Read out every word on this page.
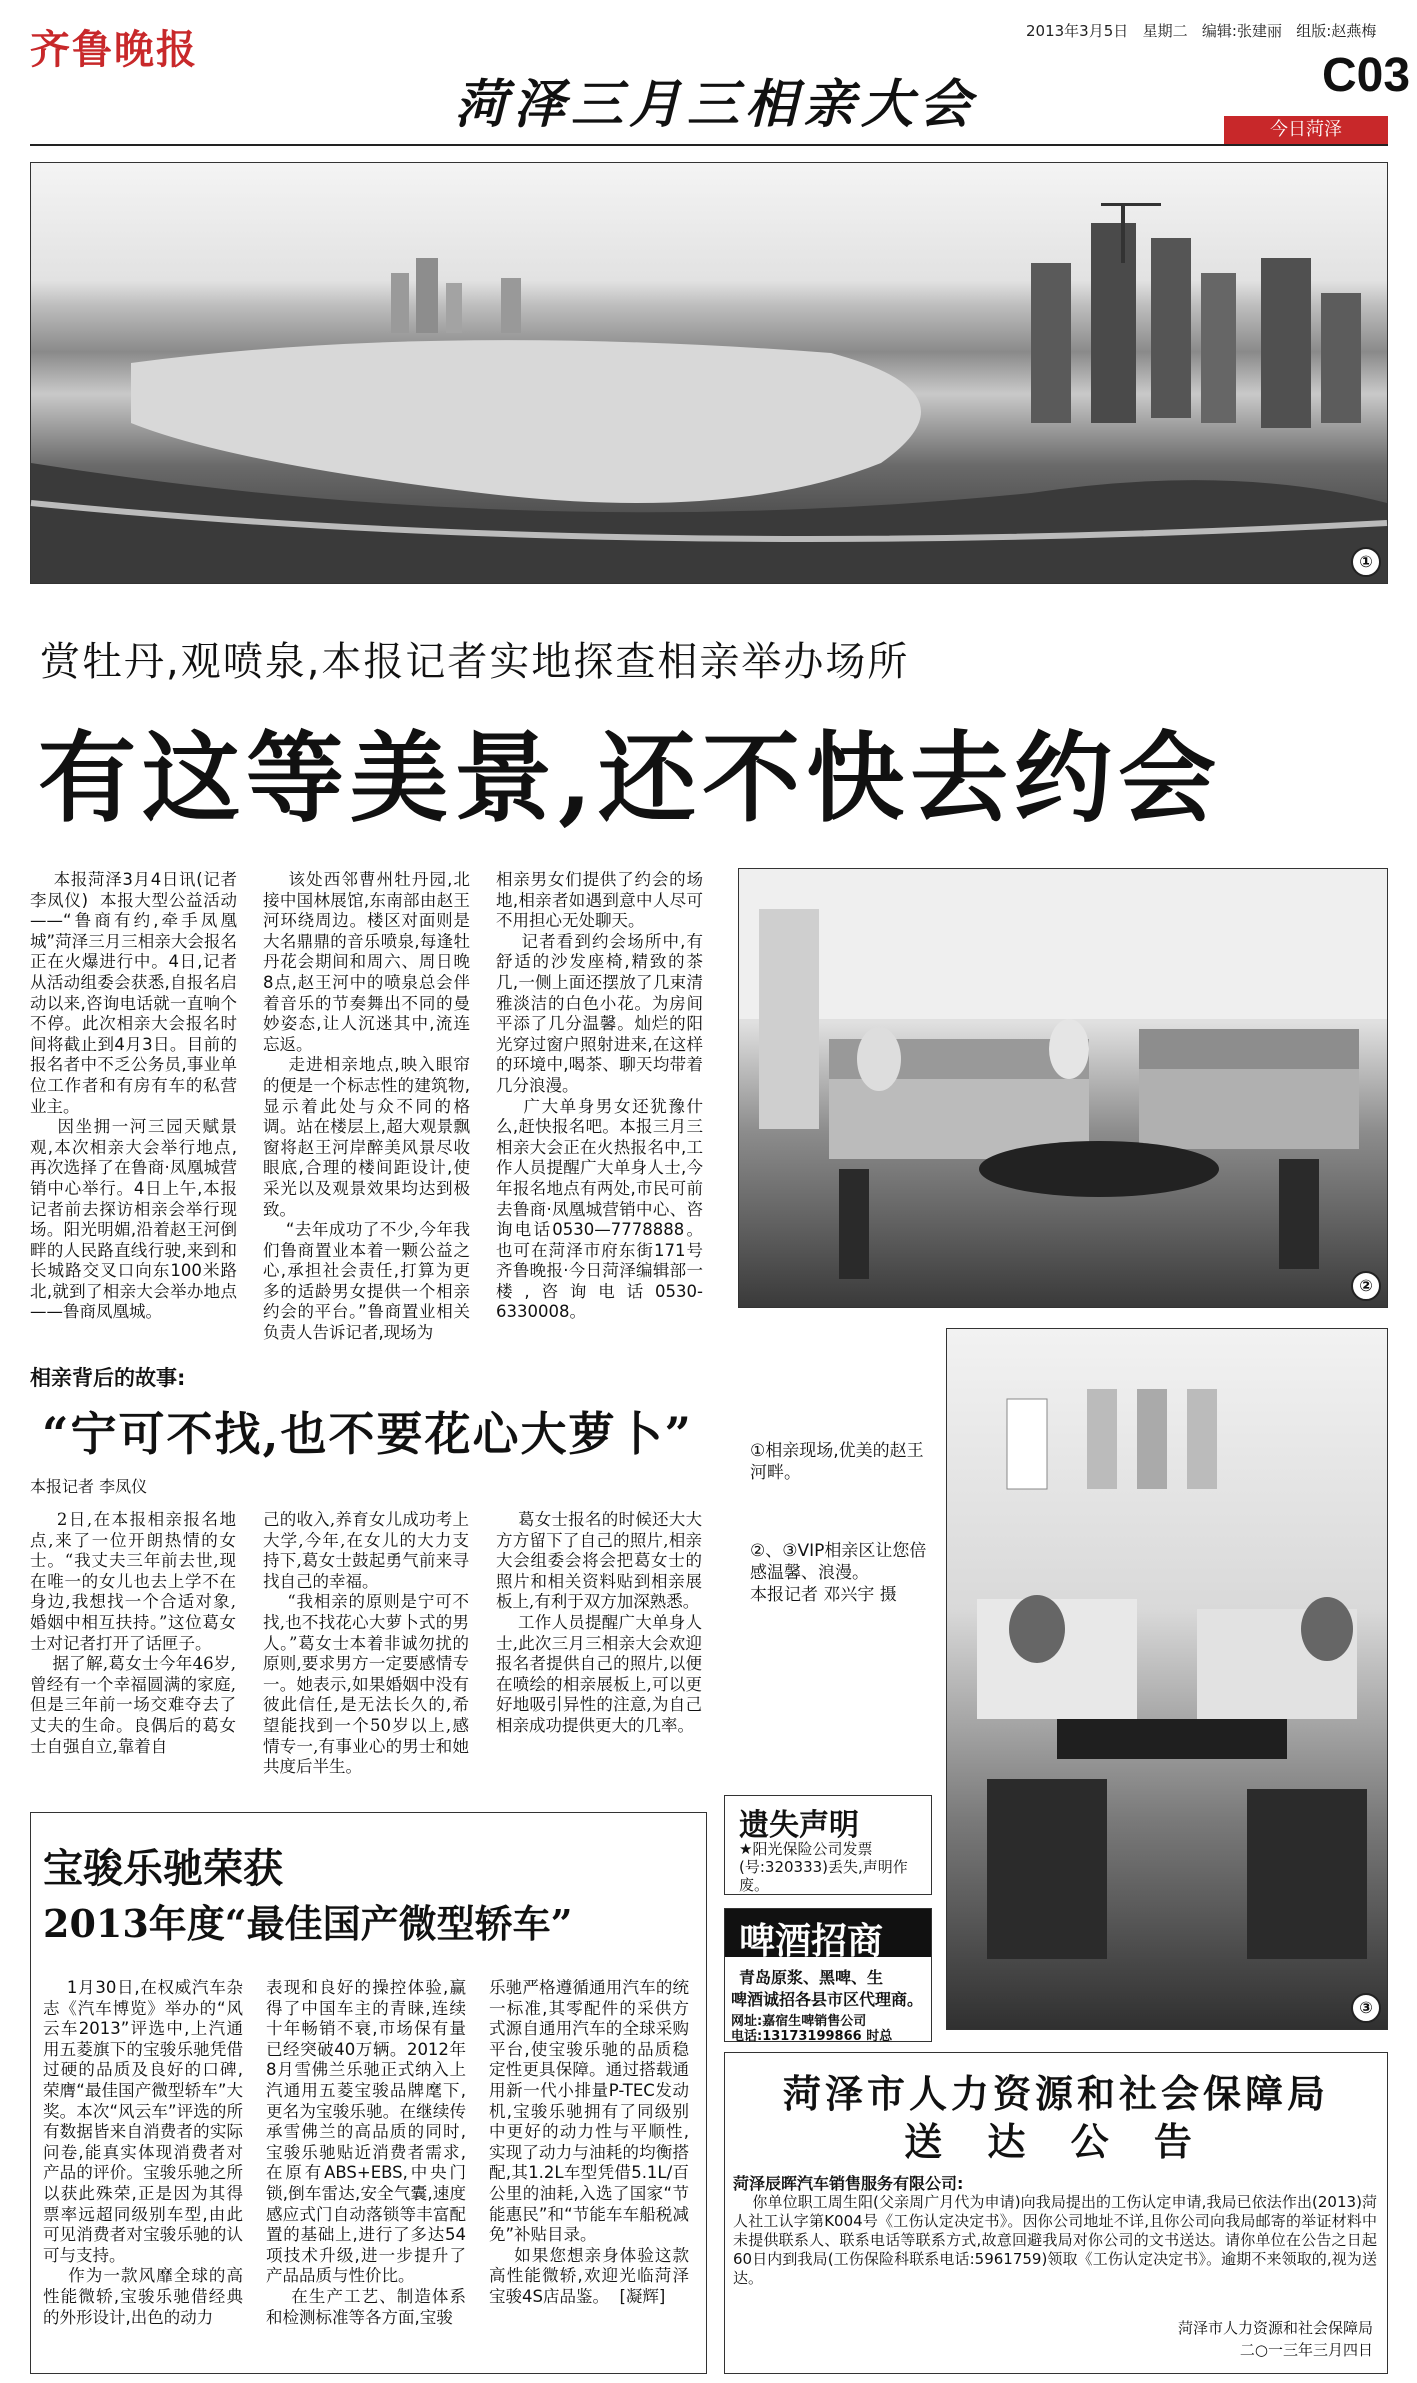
齐鲁晚报	2013年3月5日 星期二 编辑:张建丽 组版:赵燕梅
C03
菏泽三月三相亲大会	今日菏泽
①
赏牡丹,观喷泉,本报记者实地探查相亲举办场所
有这等美景,还不快去约会
本报菏泽3月4日讯(记者 李凤仪)  本报大型公益活动——“鲁商有约,牵手凤凰城”菏泽三月三相亲大会报名正在火爆进行中。4日,记者从活动组委会获悉,自报名启动以来,咨询电话就一直响个不停。此次相亲大会报名时间将截止到4月3日。目前的报名者中不乏公务员,事业单位工作者和有房有车的私营业主。
因坐拥一河三园天赋景观,本次相亲大会举行地点,再次选择了在鲁商·凤凰城营销中心举行。4日上午,本报记者前去探访相亲会举行现场。阳光明媚,沿着赵王河倒畔的人民路直线行驶,来到和长城路交叉口向东100米路北,就到了相亲大会举办地点——鲁商凤凰城。
该处西邻曹州牡丹园,北接中国林展馆,东南部由赵王河环绕周边。楼区对面则是大名鼎鼎的音乐喷泉,每逢牡丹花会期间和周六、周日晚8点,赵王河中的喷泉总会伴着音乐的节奏舞出不同的曼妙姿态,让人沉迷其中,流连忘返。
走进相亲地点,映入眼帘的便是一个标志性的建筑物,显示着此处与众不同的格调。站在楼层上,超大观景飘窗将赵王河岸醉美风景尽收眼底,合理的楼间距设计,使采光以及观景效果均达到极致。
“去年成功了不少,今年我们鲁商置业本着一颗公益之心,承担社会责任,打算为更多的适龄男女提供一个相亲约会的平台。”鲁商置业相关负责人告诉记者,现场为
相亲男女们提供了约会的场地,相亲者如遇到意中人尽可不用担心无处聊天。
记者看到约会场所中,有舒适的沙发座椅,精致的茶几,一侧上面还摆放了几束清雅淡洁的白色小花。为房间平添了几分温馨。灿烂的阳光穿过窗户照射进来,在这样的环境中,喝茶、聊天均带着几分浪漫。
广大单身男女还犹豫什么,赶快报名吧。本报三月三相亲大会正在火热报名中,工作人员提醒广大单身人士,今年报名地点有两处,市民可前去鲁商·凤凰城营销中心、咨询电话0530—7778888。也可在菏泽市府东街171号齐鲁晚报·今日菏泽编辑部一楼,咨询电话0530-6330008。
②
相亲背后的故事:
“宁可不找,也不要花心大萝卜”
本报记者 李凤仪
2日,在本报相亲报名地点,来了一位开朗热情的女士。“我丈夫三年前去世,现在唯一的女儿也去上学不在身边,我想找一个合适对象,婚姻中相互扶持。”这位葛女士对记者打开了话匣子。
据了解,葛女士今年46岁,曾经有一个幸福圆满的家庭,但是三年前一场交难夺去了丈夫的生命。良偶后的葛女士自强自立,靠着自
己的收入,养育女儿成功考上大学,今年,在女儿的大力支持下,葛女士鼓起勇气前来寻找自己的幸福。
“我相亲的原则是宁可不找,也不找花心大萝卜式的男人。”葛女士本着非诚勿扰的原则,要求男方一定要感情专一。她表示,如果婚姻中没有彼此信任,是无法长久的,希望能找到一个50岁以上,感情专一,有事业心的男士和她共度后半生。
葛女士报名的时候还大大方方留下了自己的照片,相亲大会组委会将会把葛女士的照片和相关资料贴到相亲展板上,有利于双方加深熟悉。
工作人员提醒广大单身人士,此次三月三相亲大会欢迎报名者提供自己的照片,以便在喷绘的相亲展板上,可以更好地吸引异性的注意,为自己相亲成功提供更大的几率。
①相亲现场,优美的赵王河畔。
②、③VIP相亲区让您倍感温馨、浪漫。
本报记者 邓兴宇 摄
③
遗失声明
★阳光保险公司发票(号:320333)丢失,声明作废。
啤酒招商
青岛原浆、黑啤、生
啤酒诚招各县市区代理商。
网址:嘉宿生啤销售公司
电话:13173199866 时总
宝骏乐驰荣获
2013年度“最佳国产微型轿车”
1月30日,在权威汽车杂志《汽车博览》举办的“风云车2013”评选中,上汽通用五菱旗下的宝骏乐驰凭借过硬的品质及良好的口碑,荣膺“最佳国产微型轿车”大奖。本次“风云车”评选的所有数据皆来自消费者的实际问卷,能真实体现消费者对产品的评价。宝骏乐驰之所以获此殊荣,正是因为其得票率远超同级别车型,由此可见消费者对宝骏乐驰的认可与支持。
作为一款风靡全球的高性能微轿,宝骏乐驰借经典的外形设计,出色的动力
表现和良好的操控体验,赢得了中国车主的青睐,连续十年畅销不衰,市场保有量已经突破40万辆。2012年8月雪佛兰乐驰正式纳入上汽通用五菱宝骏品牌麾下,更名为宝骏乐驰。在继续传承雪佛兰的高品质的同时,宝骏乐驰贴近消费者需求,在原有ABS+EBS,中央门锁,倒车雷达,安全气囊,速度感应式门自动落锁等丰富配置的基础上,进行了多达54项技术升级,进一步提升了产品品质与性价比。
在生产工艺、制造体系和检测标准等各方面,宝骏
乐驰严格遵循通用汽车的统一标准,其零配件的采供方式源自通用汽车的全球采购平台,使宝骏乐驰的品质稳定性更具保障。通过搭载通用新一代小排量P-TEC发动机,宝骏乐驰拥有了同级别中更好的动力性与平顺性,实现了动力与油耗的均衡搭配,其1.2L车型凭借5.1L/百公里的油耗,入选了国家“节能惠民”和“节能车车船税减免”补贴目录。
如果您想亲身体验这款高性能微轿,欢迎光临菏泽宝骏4S店品鉴。  [凝辉]
菏泽市人力资源和社会保障局
送 达 公 告
菏泽辰晖汽车销售服务有限公司:
你单位职工周生阳(父亲周广月代为申请)向我局提出的工伤认定申请,我局已依法作出(2013)菏人社工认字第K004号《工伤认定决定书》。因你公司地址不详,且你公司向我局邮寄的举证材料中未提供联系人、联系电话等联系方式,故意回避我局对你公司的文书送达。请你单位在公告之日起60日内到我局(工伤保险科联系电话:5961759)领取《工伤认定决定书》。逾期不来领取的,视为送达。
菏泽市人力资源和社会保障局
二○一三年三月四日
